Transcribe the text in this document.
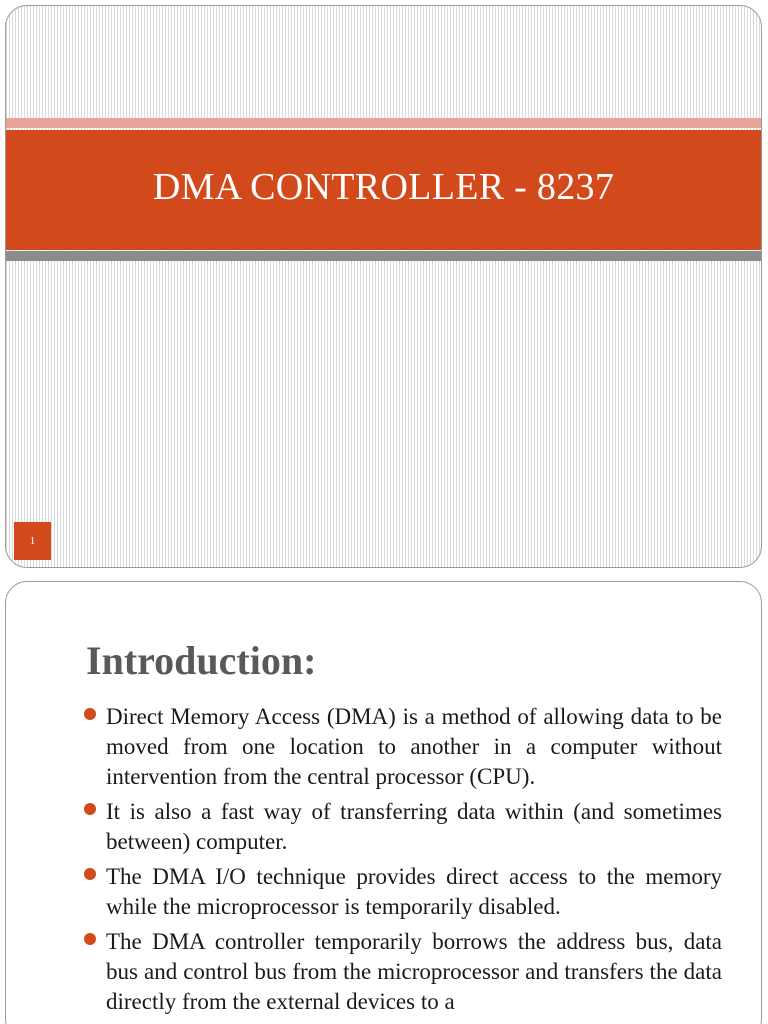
DMA CONTROLLER - 8237
1
Introduction:
Direct Memory Access (DMA) is a method of allowing data to be moved from one location to another in a computer without intervention from the central processor (CPU).
It is also a fast way of transferring data within (and sometimes between) computer.
The DMA I/O technique provides direct access to the memory while the microprocessor is temporarily disabled.
The DMA controller temporarily borrows the address bus, data bus and control bus from the microprocessor and transfers the data directly from the external devices to a
